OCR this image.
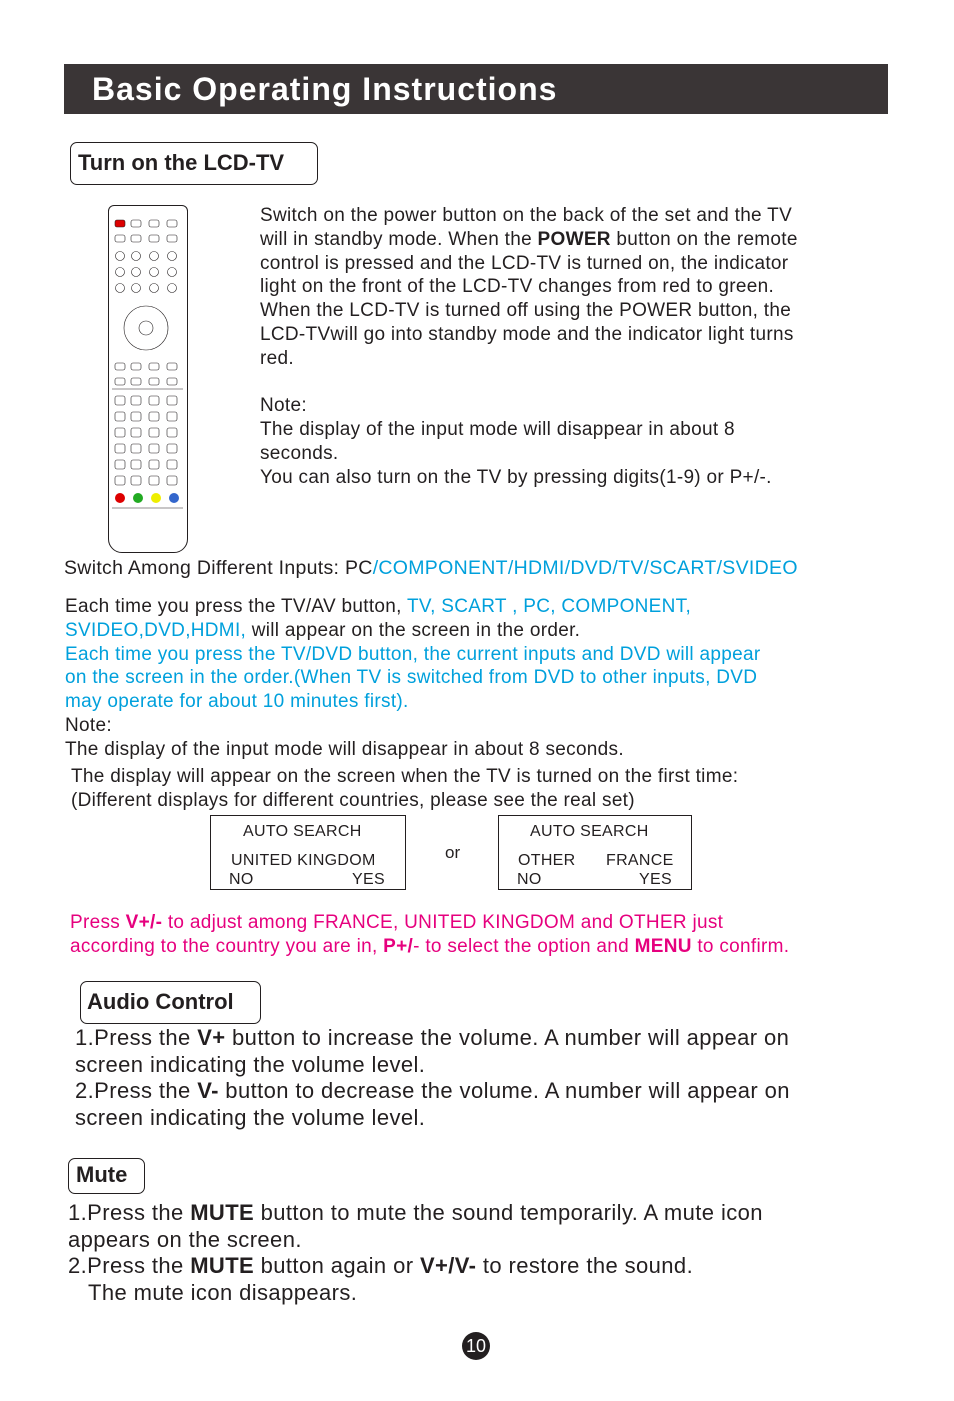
Basic Operating Instructions
Turn on the LCD-TV
Switch on the power button on the back of the set and the TV
will in standby mode. When the POWER button on the remote
control is pressed and the LCD-TV is turned on, the indicator
light on the front of the LCD-TV changes from red to green.
When the LCD-TV is turned off using the POWER button, the
LCD-TVwill go into standby mode and the indicator light turns
red.
Note:
The display of the input mode will disappear in about 8
seconds.
You can also turn on the TV by pressing digits(1-9) or P+/-.
Switch Among Different Inputs: PC/COMPONENT/HDMI/DVD/TV/SCART/SVIDEO
Each time you press the TV/AV button, TV, SCART , PC, COMPONENT,
SVIDEO,DVD,HDMI, will appear on the screen in the order.
Each time you press the TV/DVD button, the current inputs and DVD will appear
on the screen in the order.(When TV is switched from DVD to other inputs, DVD
may operate for about 10 minutes first).
Note:
The display of the input mode will disappear in about 8 seconds.
The display will appear on the screen when the TV is turned on the first time:
(Different displays for different countries, please see the real set)
AUTO SEARCH
UNITED KINGDOM
NO	YES
or
AUTO SEARCH
OTHER FRANCE
NO	YES
Press V+/- to adjust among FRANCE, UNITED KINGDOM and OTHER just
according to the country you are in, P+/- to select the option and MENU to confirm.
Audio Control
1.Press the V+ button to increase the volume. A number will appear on
screen indicating the volume level.
2.Press the V- button to decrease the volume. A number will appear on
screen indicating the volume level.
Mute
1.Press the MUTE button to mute the sound temporarily. A mute icon
appears on the screen.
2.Press the MUTE button again or V+/V- to restore the sound.
The mute icon disappears.
10
